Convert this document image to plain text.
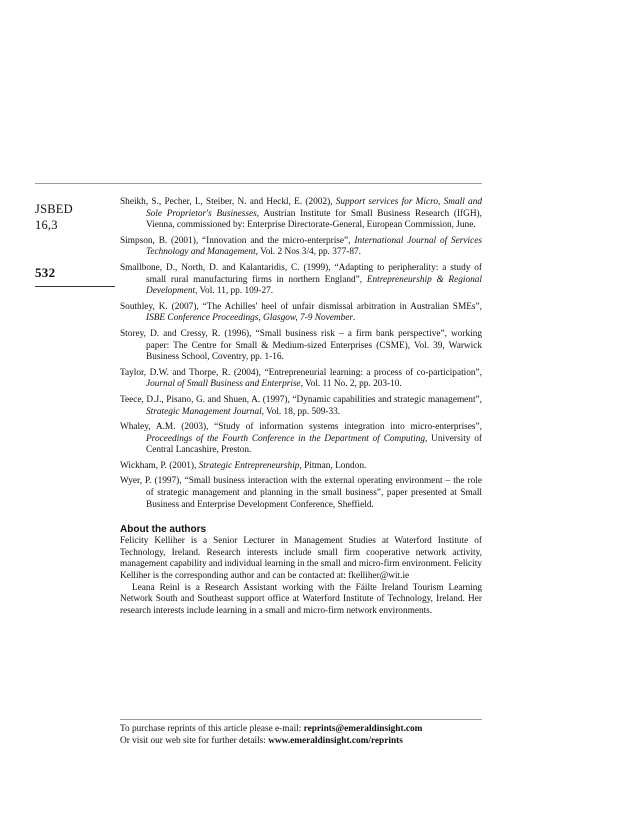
JSBED
16,3
532

Sheikh, S., Pecher, I., Steiber, N. and Heckl, E. (2002), Support services for Micro, Small and Sole Proprietor's Businesses, Austrian Institute for Small Business Research (IfGH), Vienna, commissioned by: Enterprise Directorate-General, European Commission, June.

Simpson, B. (2001), “Innovation and the micro-enterprise”, International Journal of Services Technology and Management, Vol. 2 Nos 3/4, pp. 377-87.

Smallbone, D., North, D. and Kalantaridis, C. (1999), “Adapting to peripherality: a study of small rural manufacturing firms in northern England”, Entrepreneurship & Regional Development, Vol. 11, pp. 109-27.

Southley, K. (2007), “The Achilles' heel of unfair dismissal arbitration in Australian SMEs”, ISBE Conference Proceedings, Glasgow, 7-9 November.

Storey, D. and Cressy, R. (1996), “Small business risk – a firm bank perspective”, working paper: The Centre for Small & Medium-sized Enterprises (CSME), Vol. 39, Warwick Business School, Coventry, pp. 1-16.

Taylor, D.W. and Thorpe, R. (2004), “Entrepreneurial learning: a process of co-participation”, Journal of Small Business and Enterprise, Vol. 11 No. 2, pp. 203-10.

Teece, D.J., Pisano, G. and Shuen, A. (1997), “Dynamic capabilities and strategic management”, Strategic Management Journal, Vol. 18, pp. 509-33.

Whaley, A.M. (2003), “Study of information systems integration into micro-enterprises”, Proceedings of the Fourth Conference in the Department of Computing, University of Central Lancashire, Preston.

Wickham, P. (2001), Strategic Entrepreneurship, Pitman, London.

Wyer, P. (1997), “Small business interaction with the external operating environment – the role of strategic management and planning in the small business”, paper presented at Small Business and Enterprise Development Conference, Sheffield.

About the authors

Felicity Kelliher is a Senior Lecturer in Management Studies at Waterford Institute of Technology, Ireland. Research interests include small firm cooperative network activity, management capability and individual learning in the small and micro-firm environment. Felicity Kelliher is the corresponding author and can be contacted at: fkelliher@wit.ie

Leana Reinl is a Research Assistant working with the Fáilte Ireland Tourism Learning Network South and Southeast support office at Waterford Institute of Technology, Ireland. Her research interests include learning in a small and micro-firm network environments.

To purchase reprints of this article please e-mail: reprints@emeraldinsight.com
Or visit our web site for further details: www.emeraldinsight.com/reprints
